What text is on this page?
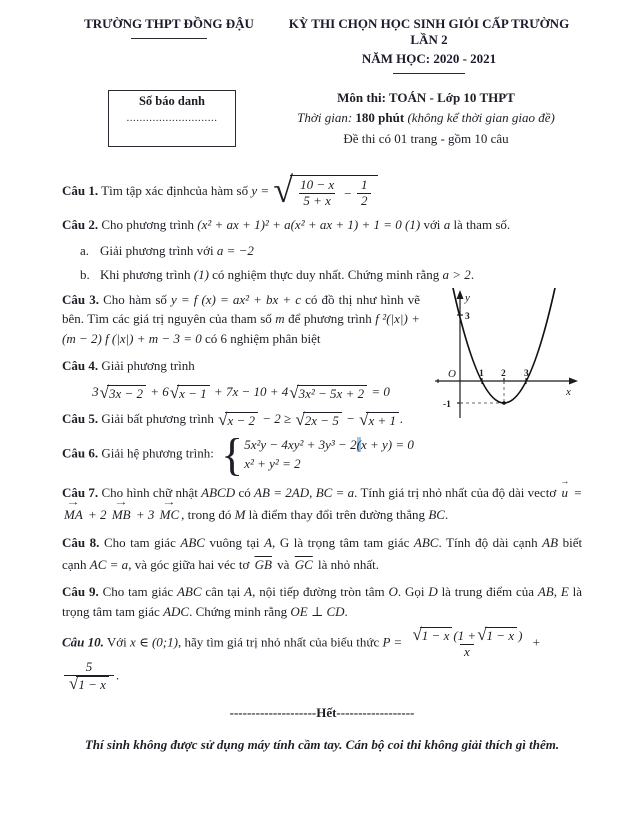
TRƯỜNG THPT ĐỒNG ĐẬU	KỲ THI CHỌN HỌC SINH GIỎI CẤP TRƯỜNG LẦN 2
NĂM HỌC: 2020 - 2021
Số báo danh
............................
Môn thi: TOÁN - Lớp 10 THPT
Thời gian: 180 phút (không kể thời gian giao đề)
Đề thi có 01 trang - gồm 10 câu

Câu 1. Tìm tập xác địnhcủa hàm số y = √ 10 − x
$5 + x - \frac{1}{2}$

Câu 2. Cho phương trình (x² + ax + 1)² + a(x² + ax + 1) + 1 = 0 (1) với a là tham số.

a. Giải phương trình với a = −2
b. Khi phương trình (1) có nghiệm thực duy nhất. Chứng minh rằng a > 2.
y
x
O 1 2 3
3
-1

Câu 3. Cho hàm số y = f (x) = ax² + bx + c có đồ thị như hình vẽ bên. Tìm các giá trị nguyên của tham số m để phương trình f ²(|x|) + (m − 2) f (|x|) + m − 3 = 0 có 6 nghiệm phân biệt

Câu 4. Giải phương trình

3 √ 3x − 2 + 6 √ x − 1 + 7x − 10 + 4 √ 3x² − 5x + 2 = 0

Câu 5. Giải bất phương trình √ x − 2 − 2 ≥ √ 2x − 5 − √ x + 1 .

Câu 6. Giải hệ phương trình: { 5x²y − 4xy² + 3y³ − 2(x + y) = 0
x² + y² = 2

Câu 7. Cho hình chữ nhật ABCD có AB = 2AD, BC = a. Tính giá trị nhỏ nhất của độ dài vectơ u → = MA → + 2 MB → + 3 MC → , trong đó M là điểm thay đổi trên đường thẳng BC.

Câu 8. Cho tam giác ABC vuông tại A, G là trọng tâm tam giác ABC. Tính độ dài cạnh AB biết cạnh AC = a, và góc giữa hai véc tơ $\overline{GB}$ và $\overline{GC}$ là nhỏ nhất.

Câu 9. Cho tam giác ABC cân tại A, nội tiếp đường tròn tâm O. Gọi D là trung điểm của AB, E là trọng tâm tam giác ADC. Chứng minh rằng OE ⊥ CD.

Câu 10. Với x ∈ (0;1), hãy tìm giá trị nhỏ nhất của biểu thức $P = \frac{√ 1 - x (1 + √ 1 - x )}{x}$ +
$\frac{5}{√ 1 - x}$ .

--------------------Hết------------------
Thí sinh không được sử dụng máy tính cầm tay. Cán bộ coi thi không giải thích gì thêm.
